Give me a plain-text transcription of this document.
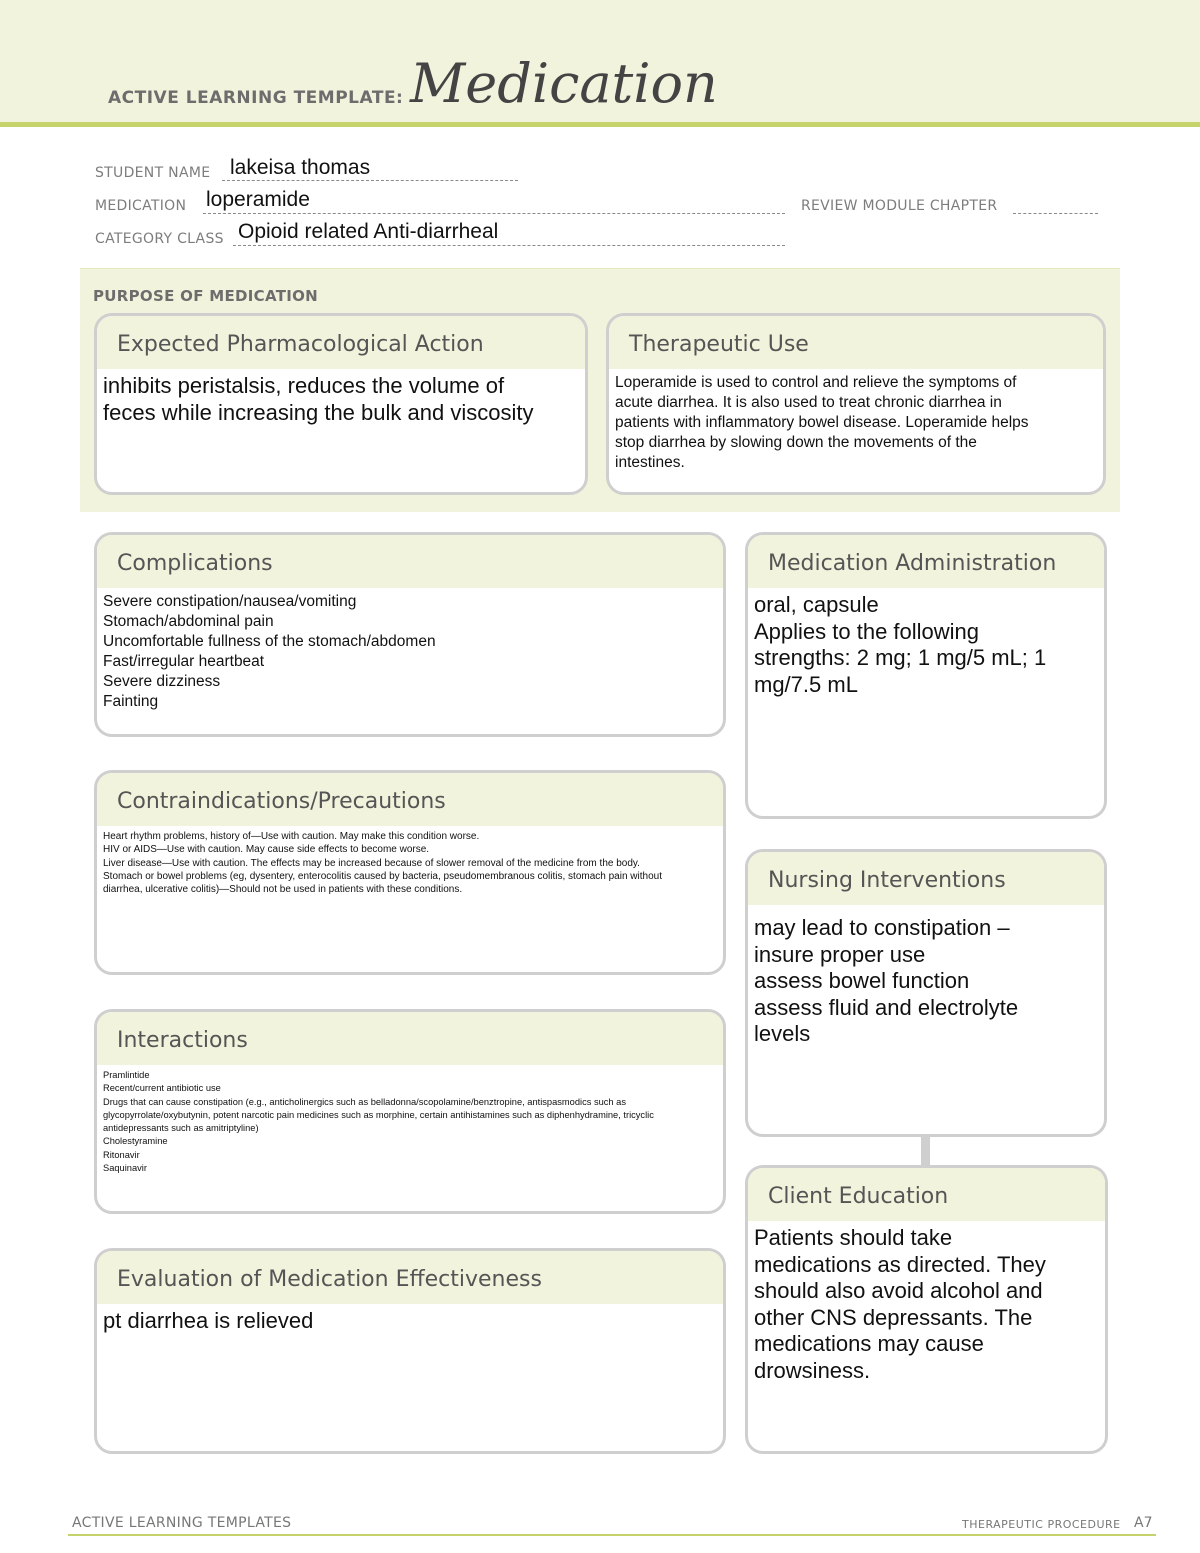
ACTIVE LEARNING TEMPLATE: Medication
STUDENT NAME lakeisa thomas
MEDICATION loperamide	REVIEW MODULE CHAPTER
CATEGORY CLASS Opioid related Anti-diarrheal
PURPOSE OF MEDICATION
Expected Pharmacological Action
inhibits peristalsis, reduces the volume of
feces while increasing the bulk and viscosity
Therapeutic Use
Loperamide is used to control and relieve the symptoms of
acute diarrhea. It is also used to treat chronic diarrhea in
patients with inflammatory bowel disease. Loperamide helps
stop diarrhea by slowing down the movements of the
intestines.
Complications
Severe constipation/nausea/vomiting
Stomach/abdominal pain
Uncomfortable fullness of the stomach/abdomen
Fast/irregular heartbeat
Severe dizziness
Fainting
Medication Administration
oral, capsule
Applies to the following
strengths: 2 mg; 1 mg/5 mL; 1
mg/7.5 mL
Contraindications/Precautions
Heart rhythm problems, history of—Use with caution. May make this condition worse.
HIV or AIDS—Use with caution. May cause side effects to become worse.
Liver disease—Use with caution. The effects may be increased because of slower removal of the medicine from the body.
Stomach or bowel problems (eg, dysentery, enterocolitis caused by bacteria, pseudomembranous colitis, stomach pain without diarrhea, ulcerative colitis)—Should not be used in patients with these conditions.	Nursing Interventions
may lead to constipation –
insure proper use
assess bowel function
assess fluid and electrolyte
levels
Interactions
Pramlintide
Recent/current antibiotic use
Drugs that can cause constipation (e.g., anticholinergics such as belladonna/scopolamine/benztropine, antispasmodics such as glycopyrrolate/oxybutynin, potent narcotic pain medicines such as morphine, certain antihistamines such as diphenhydramine, tricyclic antidepressants such as amitriptyline)
Cholestyramine
Ritonavir
Saquinavir
Client Education
Patients should take
medications as directed. They
should also avoid alcohol and
other CNS depressants. The
medications may cause
drowsiness.
Evaluation of Medication Effectiveness
pt diarrhea is relieved
ACTIVE LEARNING TEMPLATES	THERAPEUTIC PROCEDURE A7
